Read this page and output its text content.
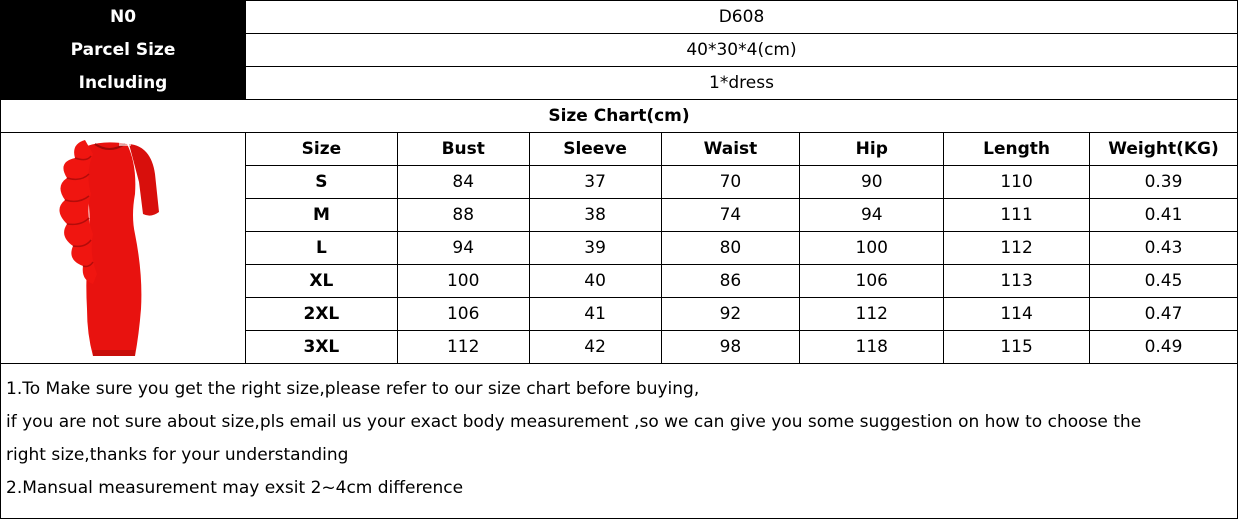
N0	D608						
Parcel Size	40*30*4(cm)						
Including	1*dress						
Size Chart(cm)							

	Size	Bust	Sleeve	Waist	Hip	Length	Weight(KG)
	S	84	37	70	90	110	0.39
	M	88	38	74	94	111	0.41
	L	94	39	80	100	112	0.43
	XL	100	40	86	106	113	0.45
	2XL	106	41	92	112	114	0.47
	3XL	112	42	98	118	115	0.49

1.To Make sure you get the right size,please refer to our size chart before buying,

if you are not sure about size,pls email us your exact body measurement ,so we can give you some suggestion on how to choose the

right size,thanks for your understanding

2.Mansual measurement may exsit 2~4cm difference
